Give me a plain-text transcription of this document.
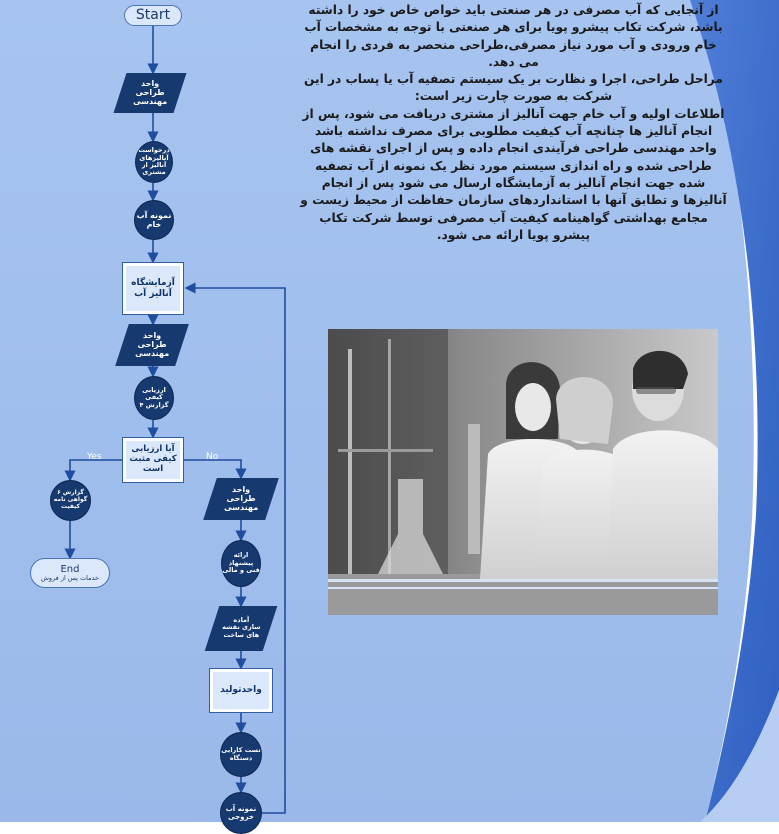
Start
واحد
طراحی
مهندسی
درخواست
آنالیزهای
آنالیز از
مشتری
نمونه آب
خام
آزمایشگاه
آنالیز آب
واحد
طراحی
مهندسی
ارزیابی
کیفی
گزارش ۴
آیا ارزیابی
کیفی مثبت
است
Yes	No
گزارش ۶
گواهی نامه
کیفیت
End
خدمات پس از فروش
واحد
طراحی
مهندسی
ارائه پیشنهاد
فنی و مالی
آماده
سازی نقشه
های ساخت
واحدتولید
تست کارایی
دستگاه
نمونه آب
خروجی

از آنجایی که آب مصرفی در هر صنعتی باید خواص خاص خود را داشته باشد، شرکت تکاب پیشرو پویا برای هر صنعتی با توجه به مشخصات آب خام ورودی و آب مورد نیاز مصرفی،طراحی منحصر به فردی را انجام می دهد.

مراحل طراحی، اجرا و نظارت بر یک سیستم تصفیه آب یا پساب در این شرکت به صورت چارت زیر است:

اطلاعات اولیه و آب خام جهت آنالیز از مشتری دریافت می شود، پس از انجام آنالیز ها چنانچه آب کیفیت مطلوبی برای مصرف نداشته باشد واحد مهندسی طراحی فرآیندی انجام داده و پس از اجرای نقشه های طراحی شده و راه اندازی سیستم مورد نظر یک نمونه از آب تصفیه شده جهت انجام آنالیز به آزمایشگاه ارسال می شود پس از انجام آنالیزها و تطابق آنها با استانداردهای سازمان حفاظت از محیط زیست و مجامع بهداشتی گواهینامه کیفیت آب مصرفی توسط شرکت تکاب پیشرو پویا ارائه می شود.
